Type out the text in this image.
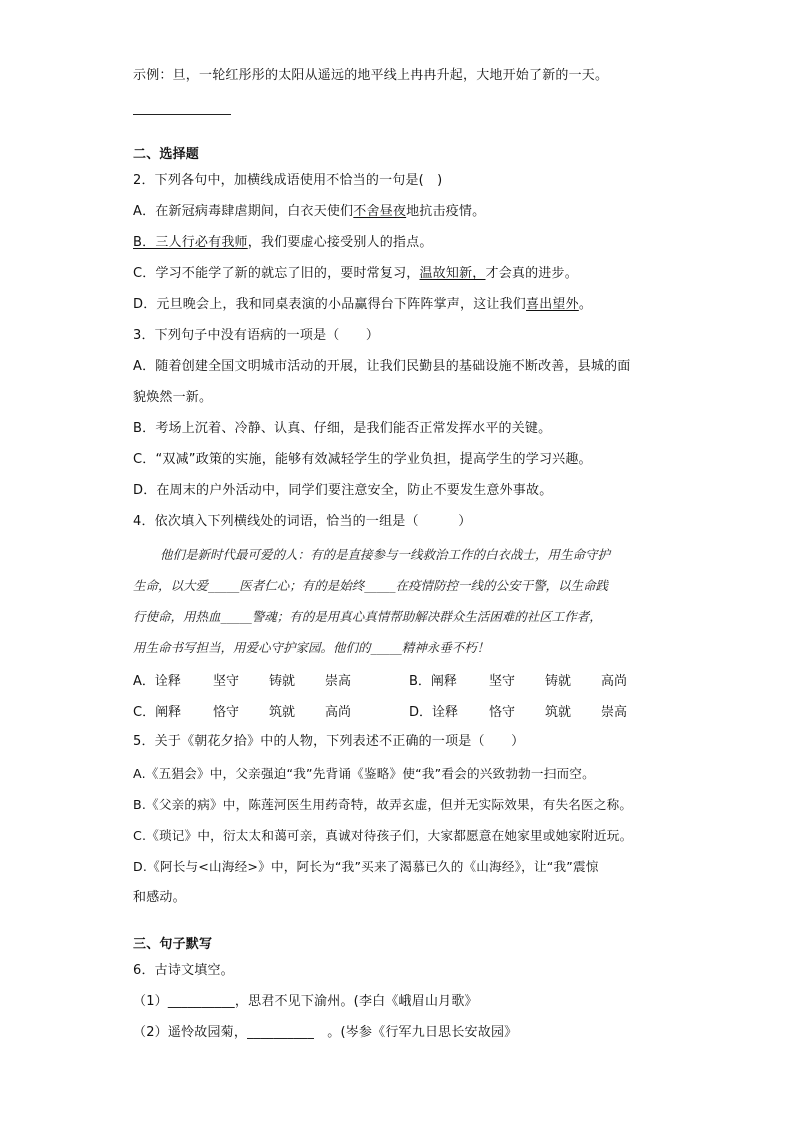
示例：旦，一轮红彤彤的太阳从遥远的地平线上冉冉升起，大地开始了新的一天。
二、选择题
2．下列各句中，加横线成语使用不恰当的一句是(　)
A．在新冠病毒肆虐期间，白衣天使们不舍昼夜地抗击疫情。
B．三人行必有我师，我们要虚心接受别人的指点。
C．学习不能学了新的就忘了旧的，要时常复习，温故知新，才会真的进步。
D．元旦晚会上，我和同桌表演的小品赢得台下阵阵掌声，这让我们喜出望外。
3．下列句子中没有语病的一项是（　　）
A．随着创建全国文明城市活动的开展，让我们民勤县的基础设施不断改善，县城的面
貌焕然一新。
B．考场上沉着、冷静、认真、仔细，是我们能否正常发挥水平的关键。
C．“双减”政策的实施，能够有效减轻学生的学业负担，提高学生的学习兴趣。
D．在周末的户外活动中，同学们要注意安全，防止不要发生意外事故。
4．依次填入下列横线处的词语，恰当的一组是（　　　）
他们是新时代最可爱的人：有的是直接参与一线救治工作的白衣战士，用生命守护
生命，以大爱_____医者仁心；有的是始终_____在疫情防控一线的公安干警，以生命践
行使命，用热血_____警魂；有的是用真心真情帮助解决群众生活困难的社区工作者，
用生命书写担当，用爱心守护家园。他们的_____精神永垂不朽！
A．诠释 坚守 铸就 崇高	B．阐释 坚守 铸就 高尚
C．阐释 恪守 筑就 高尚	D．诠释 恪守 筑就 崇高
5．关于《朝花夕拾》中的人物，下列表述不正确的一项是（　　）
A.《五猖会》中，父亲强迫“我”先背诵《鉴略》使“我”看会的兴致勃勃一扫而空。
B.《父亲的病》中，陈莲河医生用药奇特，故弄玄虚，但并无实际效果，有失名医之称。
C.《琐记》中，衍太太和蔼可亲，真诚对待孩子们，大家都愿意在她家里或她家附近玩。
D.《阿长与<山海经>》中，阿长为“我”买来了渴慕已久的《山海经》，让“我”震惊
和感动。
三、句子默写
6．古诗文填空。
（1）__________，思君不见下渝州。(李白《峨眉山月歌》
（2）遥怜故园菊，__________　。(岑参《行军九日思长安故园》
